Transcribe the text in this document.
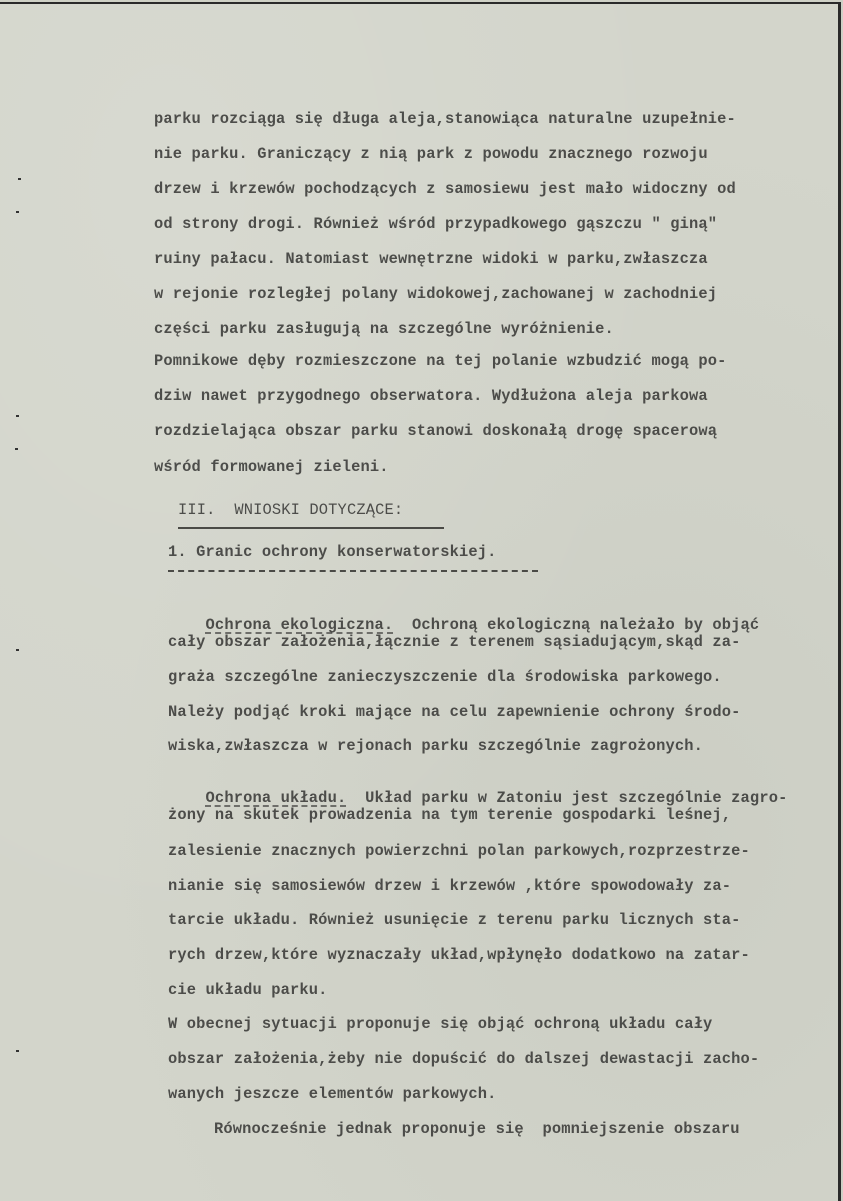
parku rozciąga się długa aleja,stanowiąca naturalne uzupełnie-
nie parku. Graniczący z nią park z powodu znacznego rozwoju
drzew i krzewów pochodzących z samosiewu jest mało widoczny od
od strony drogi. Również wśród przypadkowego gąszczu " giną"
ruiny pałacu. Natomiast wewnętrzne widoki w parku,zwłaszcza
w rejonie rozległej polany widokowej,zachowanej w zachodniej
części parku zasługują na szczególne wyróżnienie.
Pomnikowe dęby rozmieszczone na tej polanie wzbudzić mogą po-
dziw nawet przygodnego obserwatora. Wydłużona aleja parkowa
rozdzielająca obszar parku stanowi doskonałą drogę spacerową
wśród formowanej zieleni.
III.  WNIOSKI DOTYCZĄCE:
1. Granic ochrony konserwatorskiej.

Ochrona ekologiczna.  Ochroną ekologiczną należało by objąć

cały obszar założenia,łącznie z terenem sąsiadującym,skąd za-
graża szczególne zanieczyszczenie dla środowiska parkowego.
Należy podjąć kroki mające na celu zapewnienie ochrony środo-
wiska,zwłaszcza w rejonach parku szczególnie zagrożonych.

Ochrona układu.  Układ parku w Zatoniu jest szczególnie zagro-

żony na skutek prowadzenia na tym terenie gospodarki leśnej,
zalesienie znacznych powierzchni polan parkowych,rozprzestrze-
nianie się samosiewów drzew i krzewów ,które spowodowały za-
tarcie układu. Również usunięcie z terenu parku licznych sta-
rych drzew,które wyznaczały układ,wpłynęło dodatkowo na zatar-
cie układu parku.
W obecnej sytuacji proponuje się objąć ochroną układu cały
obszar założenia,żeby nie dopuścić do dalszej dewastacji zacho-
wanych jeszcze elementów parkowych.
Równocześnie jednak proponuje się  pomniejszenie obszaru
